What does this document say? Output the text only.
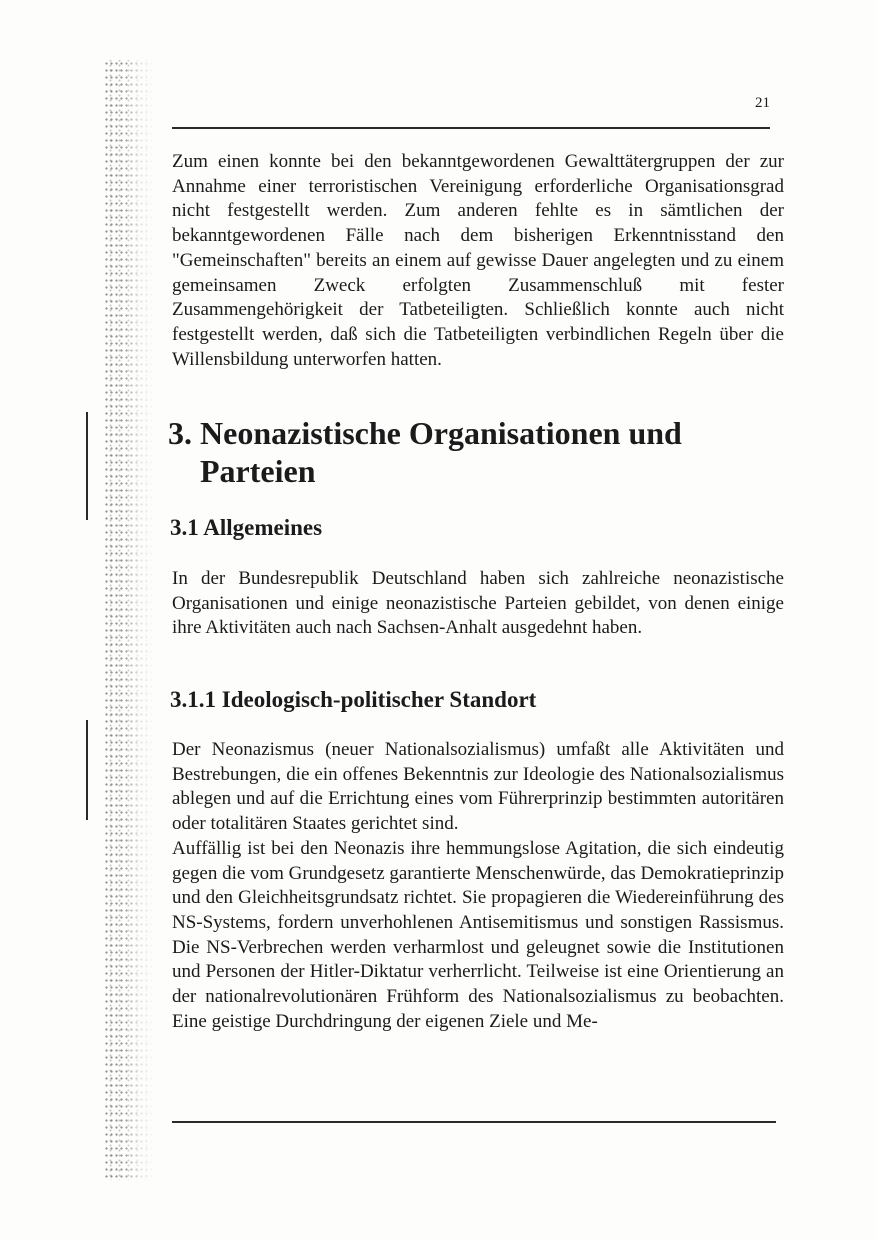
21

Zum einen konnte bei den bekanntgewordenen Gewalttätergruppen der zur Annahme einer terroristischen Vereinigung erforderliche Organisationsgrad nicht festgestellt werden. Zum anderen fehlte es in sämtlichen der bekanntgewordenen Fälle nach dem bisherigen Erkenntnisstand den "Gemeinschaften" bereits an einem auf gewisse Dauer angelegten und zu einem gemeinsamen Zweck erfolgten Zusammenschluß mit fester Zusammengehörigkeit der Tatbeteiligten. Schließlich konnte auch nicht festgestellt werden, daß sich die Tatbeteiligten verbindlichen Regeln über die Willensbildung unterworfen hatten.

3. Neonazistische Organisationen und
Parteien
3.1 Allgemeines

In der Bundesrepublik Deutschland haben sich zahlreiche neonazistische Organisationen und einige neonazistische Parteien gebildet, von denen einige ihre Aktivitäten auch nach Sachsen-Anhalt ausgedehnt haben.

3.1.1 Ideologisch-politischer Standort

Der Neonazismus (neuer Nationalsozialismus) umfaßt alle Aktivitäten und Bestrebungen, die ein offenes Bekenntnis zur Ideologie des Nationalsozialismus ablegen und auf die Errichtung eines vom Führerprinzip bestimmten autoritären oder totalitären Staates gerichtet sind.

Auffällig ist bei den Neonazis ihre hemmungslose Agitation, die sich eindeutig gegen die vom Grundgesetz garantierte Menschenwürde, das Demokratieprinzip und den Gleichheitsgrundsatz richtet. Sie propagieren die Wiedereinführung des NS-Systems, fordern unverhohlenen Antisemitismus und sonstigen Rassismus. Die NS-Verbrechen werden verharmlost und geleugnet sowie die Institutionen und Personen der Hitler-Diktatur verherrlicht. Teilweise ist eine Orientierung an der nationalrevolutionären Frühform des Nationalsozialismus zu beobachten. Eine geistige Durchdringung der eigenen Ziele und Me-
